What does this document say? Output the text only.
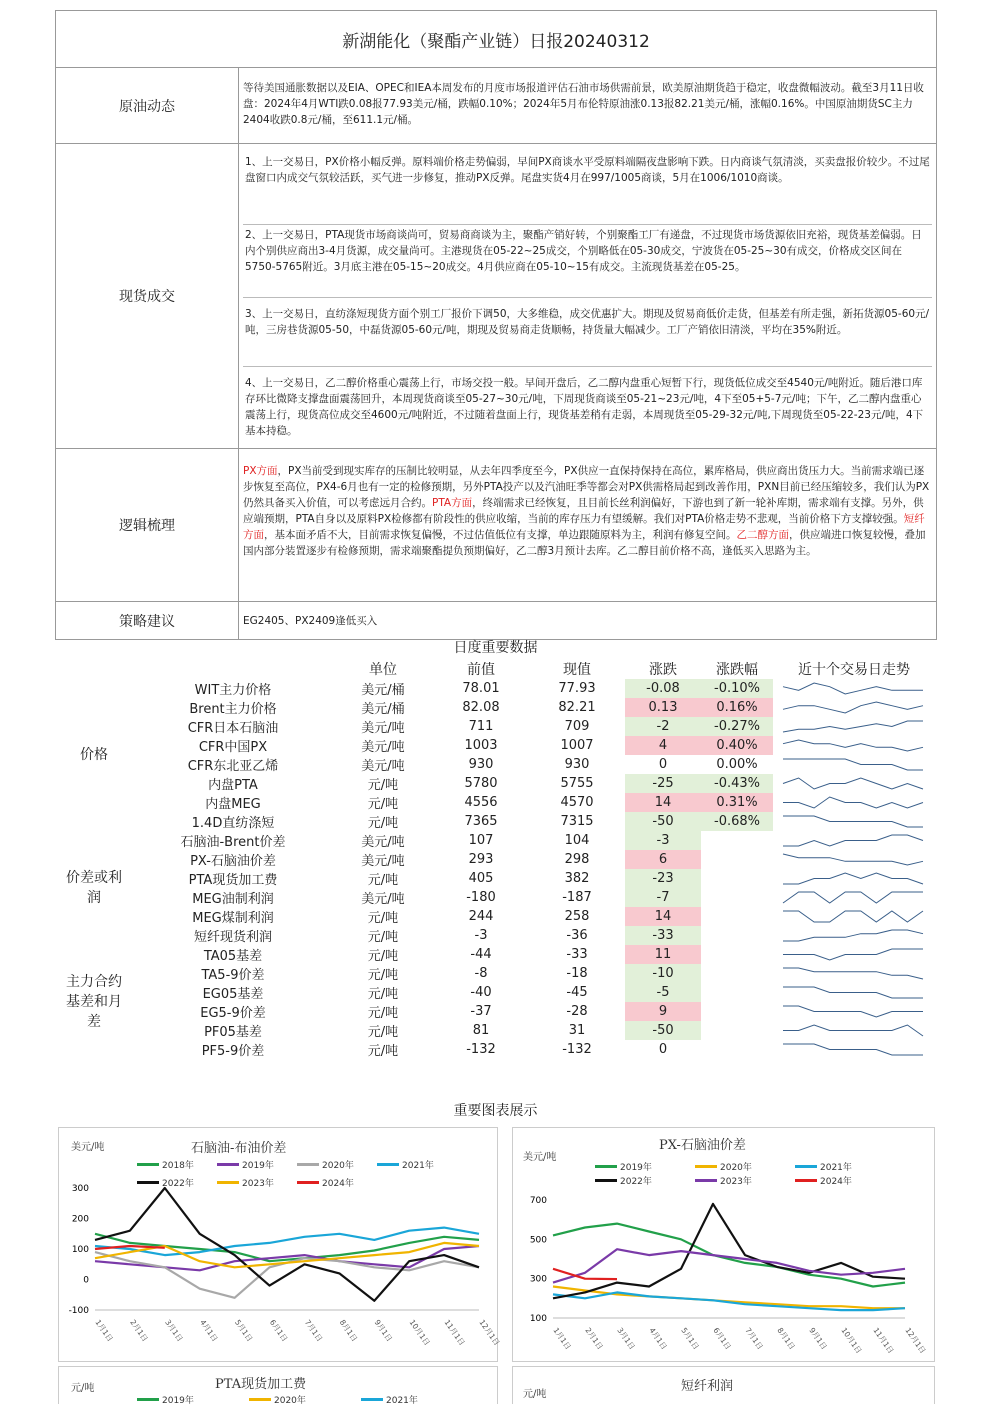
新湖能化（聚酯产业链）日报20240312
原油动态
等待美国通胀数据以及EIA、OPEC和IEA本周发布的月度市场报道评估石油市场供需前景，欧美原油期货趋于稳定，收盘微幅波动。截至3月11日收盘：2024年4月WTI跌0.08报77.93美元/桶，跌幅0.10%；2024年5月布伦特原油涨0.13报82.21美元/桶，涨幅0.16%。中国原油期货SC主力2404收跌0.8元/桶，至611.1元/桶。
现货成交
1、上一交易日，PX价格小幅反弹。原料端价格走势偏弱，早间PX商谈水平受原料端隔夜盘影响下跌。日内商谈气氛清淡，买卖盘报价较少。不过尾盘窗口内成交气氛较活跃，买气进一步修复，推动PX反弹。尾盘实货4月在997/1005商谈，5月在1006/1010商谈。
2、上一交易日，PTA现货市场商谈尚可，贸易商商谈为主，聚酯产销好转，个别聚酯工厂有递盘，不过现货市场货源依旧充裕，现货基差偏弱。日内个别供应商出3-4月货源，成交量尚可。主港现货在05-22~25成交，个别略低在05-30成交，宁波货在05-25~30有成交，价格成交区间在5750-5765附近。3月底主港在05-15~20成交。4月供应商在05-10~15有成交。主流现货基差在05-25。
3、上一交易日，直纺涤短现货方面个别工厂报价下调50，大多维稳，成交优惠扩大。期现及贸易商低价走货，但基差有所走强，新拓货源05-60元/吨，三房巷货源05-50，中磊货源05-60元/吨，期现及贸易商走货顺畅，持货量大幅减少。工厂产销依旧清淡，平均在35%附近。
4、上一交易日，乙二醇价格重心震荡上行，市场交投一般。早间开盘后，乙二醇内盘重心短暂下行，现货低位成交至4540元/吨附近。随后港口库存环比微降支撑盘面震荡回升，本周现货商谈至05-27~30元/吨，下周现货商谈至05-21~23元/吨，4下至05+5-7元/吨；下午，乙二醇内盘重心震荡上行，现货高位成交至4600元/吨附近，不过随着盘面上行，现货基差稍有走弱，本周现货至05-29-32元/吨,下周现货至05-22-23元/吨，4下基本持稳。
逻辑梳理
PX方面，PX当前受到现实库存的压制比较明显，从去年四季度至今，PX供应一直保持保持在高位，累库格局，供应商出货压力大。当前需求端已逐步恢复至高位，PX4-6月也有一定的检修预期，另外PTA投产以及汽油旺季等都会对PX供需格局起到改善作用，PXN目前已经压缩较多，我们认为PX仍然具备买入价值，可以考虑远月合约。PTA方面，终端需求已经恢复，且目前长丝利润偏好，下游也到了新一轮补库期，需求端有支撑。另外，供应端预期，PTA自身以及原料PX检修都有阶段性的供应收缩，当前的库存压力有望缓解。我们对PTA价格走势不悲观，当前价格下方支撑较强。短纤方面，基本面矛盾不大，目前需求恢复偏慢，不过估值低位有支撑，单边跟随原料为主，利润有修复空间。乙二醇方面，供应端进口恢复较慢，叠加国内部分装置逐步有检修预期，需求端聚酯提负预期偏好，乙二醇3月预计去库。乙二醇目前价格不高，逢低买入思路为主。
策略建议	EG2405、PX2409逢低买入
日度重要数据
		单位	前值	现值	涨跌	涨跌幅	近十个交易日走势
价格	WIT主力价格	美元/桶	78.01	77.93	-0.08	-0.10%	

	Brent主力价格	美元/桶	82.08	82.21	0.13	0.16%	

	CFR日本石脑油	美元/吨	711	709	-2	-0.27%	

	CFR中国PX	美元/吨	1003	1007	4	0.40%	

	CFR东北亚乙烯	美元/吨	930	930	0	0.00%	

	内盘PTA	元/吨	5780	5755	-25	-0.43%	

	内盘MEG	元/吨	4556	4570	14	0.31%	

	1.4D直纺涤短	元/吨	7365	7315	-50	-0.68%	

价差或利润	石脑油-Brent价差	美元/吨	107	104	-3		

	PX-石脑油价差	美元/吨	293	298	6		

	PTA现货加工费	元/吨	405	382	-23		

	MEG油制利润	美元/吨	-180	-187	-7		

	MEG煤制利润	元/吨	244	258	14		

	短纤现货利润	元/吨	-3	-36	-33		

主力合约基差和月差	TA05基差	元/吨	-44	-33	11		

	TA5-9价差	元/吨	-8	-18	-10		

	EG05基差	元/吨	-40	-45	-5		

	EG5-9价差	元/吨	-37	-28	9		

	PF05基差	元/吨	81	31	-50		

	PF5-9价差	元/吨	-132	-132	0		
重要图表展示
美元/吨	石脑油-布油价差
2018年	2019年	2020年	2021年
2022年	2023年	2024年
-100
0
100
200
300
1月1日 2月1日 3月1日 4月1日 5月1日 6月1日 7月1日 8月1日 9月1日 10月1日 11月1日 12月1日
美元/吨
PX-石脑油价差
2019年	2020年	2021年
2022年	2023年	2024年
100
300
500
700
1月1日 2月1日 3月1日 4月1日 5月1日 6月1日 7月1日 8月1日 9月1日 10月1日 11月1日 12月1日
元/吨	PTA现货加工费
2019年	2020年	2021年
元/吨
短纤利润
